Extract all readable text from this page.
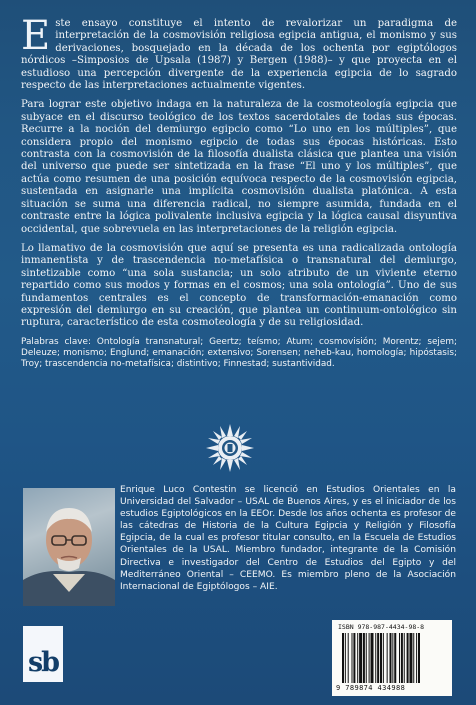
Este ensayo constituye el intento de revalorizar un paradigma de interpretación de la cosmovisión religiosa egipcia antigua, el monismo y sus derivaciones, bosquejado en la década de los ochenta por egiptólogos nórdicos –Simposios de Upsala (1987) y Bergen (1988)– y que proyecta en el estudioso una percepción divergente de la experiencia egipcia de lo sagrado respecto de las interpretaciones actualmente vigentes.

Para lograr este objetivo indaga en la naturaleza de la cosmoteología egipcia que subyace en el discurso teológico de los textos sacerdotales de todas sus épocas. Recurre a la noción del demiurgo egipcio como “Lo uno en los múltiples”, que considera propio del monismo egipcio de todas sus épocas históricas. Esto contrasta con la cosmovisión de la filosofía dualista clásica que plantea una visión del universo que puede ser sintetizada en la frase “El uno y los múltiples”, que actúa como resumen de una posición equívoca respecto de la cosmovisión egipcia, sustentada en asignarle una implícita cosmovisión dualista platónica. A esta situación se suma una diferencia radical, no siempre asumida, fundada en el contraste entre la lógica polivalente inclusiva egipcia y la lógica causal disyuntiva occidental, que sobrevuela en las interpretaciones de la religión egipcia.

Lo llamativo de la cosmovisión que aquí se presenta es una radicalizada ontología inmanentista y de trascendencia no-metafísica o transnatural del demiurgo, sintetizable como “una sola sustancia; un solo atributo de un viviente eterno repartido como sus modos y formas en el cosmos; una sola ontología”. Uno de sus fundamentos centrales es el concepto de transformación-emanación como expresión del demiurgo en su creación, que plantea un continuum-ontológico sin ruptura, característico de esta cosmoteología y de su religiosidad.

Palabras clave: Ontología transnatural; Geertz; teísmo; Atum; cosmovisión; Morentz; sejem; Deleuze; monismo; Englund; emanación; extensivo; Sorensen; neheb-kau, homología; hipóstasis; Troy; trascendencia no-metafísica; distintivo; Finnestad; sustantividad.

Enrique Luco Contestin se licenció en Estudios Orientales en la Universidad del Salvador – USAL de Buenos Aires, y es el iniciador de los estudios Egiptológicos en la EEOr. Desde los años ochenta es profesor de las cátedras de Historia de la Cultura Egipcia y Religión y Filosofía Egipcia, de la cual es profesor titular consulto, en la Escuela de Estudios Orientales de la USAL. Miembro fundador, integrante de la Comisión Directiva e investigador del Centro de Estudios del Egipto y del Mediterráneo Oriental – CEEMO. Es miembro pleno de la Asociación Internacional de Egiptólogos – AIE.
sb
ISBN 978-987-4434-98-8
9 789874 434988
